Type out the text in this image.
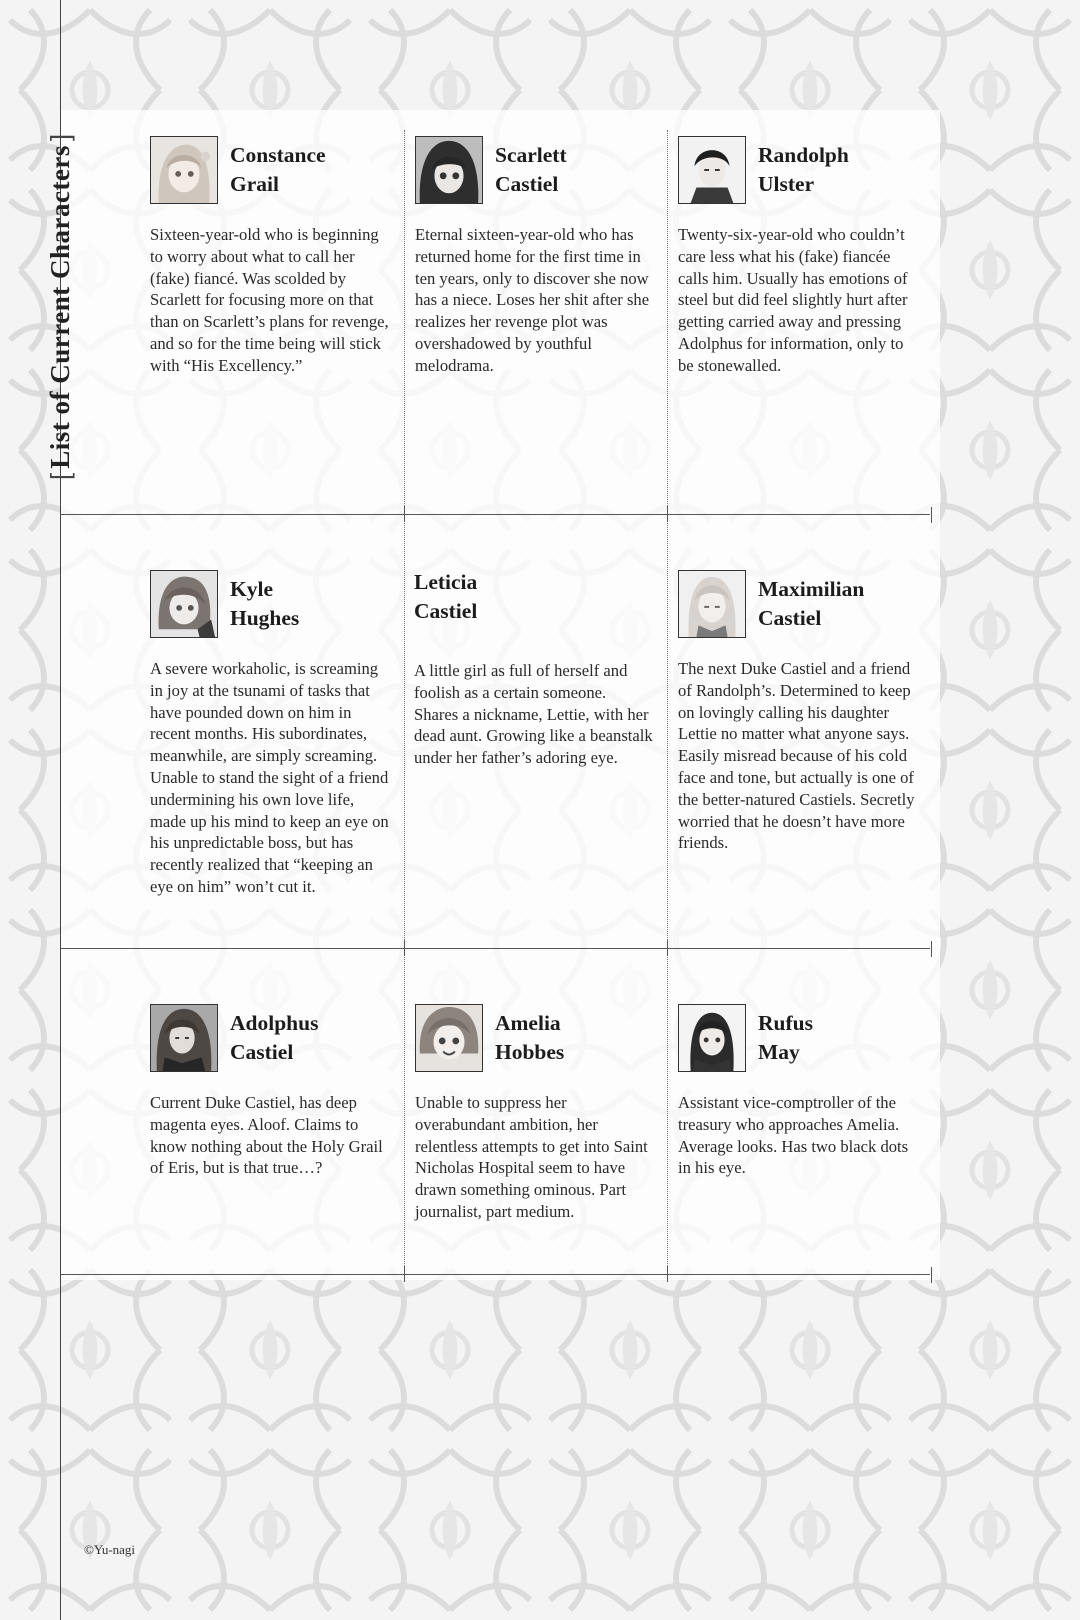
[
List of Current Characters
]
Constance
Grail
Sixteen-year-old who is beginning to worry about what to call her (fake) fiancé. Was scolded by Scarlett for focusing more on that than on Scarlett’s plans for revenge, and so for the time being will stick with “His Excellency.”
Scarlett
Castiel
Eternal sixteen-year-old who has returned home for the first time in ten years, only to discover she now has a niece. Loses her shit after she realizes her revenge plot was overshadowed by youthful melodrama.
Randolph
Ulster
Twenty-six-year-old who couldn’t care less what his (fake) fiancée calls him. Usually has emotions of steel but did feel slightly hurt after getting carried away and pressing Adolphus for information, only to be stonewalled.
Kyle
Hughes
A severe workaholic, is screaming in joy at the tsunami of tasks that have pounded down on him in recent months. His subordinates, meanwhile, are simply screaming. Unable to stand the sight of a friend undermining his own love life, made up his mind to keep an eye on his unpredictable boss, but has recently realized that “keeping an eye on him” won’t cut it.
Leticia
Castiel
A little girl as full of herself and foolish as a certain someone. Shares a nickname, Lettie, with her dead aunt. Growing like a beanstalk under her father’s adoring eye.
Maximilian
Castiel
The next Duke Castiel and a friend of Randolph’s. Determined to keep on lovingly calling his daughter Lettie no matter what anyone says. Easily misread because of his cold face and tone, but actually is one of the better-natured Castiels. Secretly worried that he doesn’t have more friends.
Adolphus
Castiel
Current Duke Castiel, has deep magenta eyes. Aloof. Claims to know nothing about the Holy Grail of Eris, but is that true…?
Amelia
Hobbes
Unable to suppress her overabundant ambition, her relentless attempts to get into Saint Nicholas Hospital seem to have drawn something ominous. Part journalist, part medium.
Rufus
May
Assistant vice-comptroller of the treasury who approaches Amelia. Average looks. Has two black dots in his eye.
©Yu-nagi
